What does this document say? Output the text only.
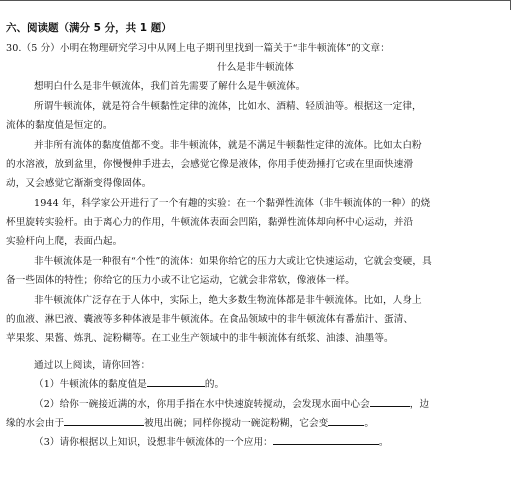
六、阅读题（满分 5 分，共 1 题）
30.（5 分）小明在物理研究学习中从网上电子期刊里找到一篇关于“非牛顿流体”的文章：
什么是非牛顿流体
想明白什么是非牛顿流体，我们首先需要了解什么是牛顿流体。
所谓牛顿流体，就是符合牛顿黏性定律的流体，比如水、酒精、轻质油等。根据这一定律，
流体的黏度值是恒定的。
并非所有流体的黏度值都不变。非牛顿流体，就是不满足牛顿黏性定律的流体。比如太白粉
的水溶液，放到盆里，你慢慢伸手进去，会感觉它像是液体，你用手使劲捶打它或在里面快速滑
动，又会感觉它渐渐变得像固体。
1944 年，科学家公开进行了一个有趣的实验：在一个黏弹性流体（非牛顿流体的一种）的烧
杯里旋转实验杆。由于离心力的作用，牛顿流体表面会凹陷，黏弹性流体却向杯中心运动，并沿
实验杆向上爬，表面凸起。
非牛顿流体是一种很有“个性”的流体：如果你给它的压力大或让它快速运动，它就会变硬，具
备一些固体的特性；你给它的压力小或不让它运动，它就会非常软，像液体一样。
非牛顿流体广泛存在于人体中，实际上，绝大多数生物流体都是非牛顿流体。比如，人身上
的血液、淋巴液、囊液等多种体液是非牛顿流体。在食品领域中的非牛顿流体有番茄汁、蛋清、
苹果浆、果酱、炼乳、淀粉糊等。在工业生产领域中的非牛顿流体有纸浆、油漆、油墨等。
通过以上阅读，请你回答：
（1）牛顿流体的黏度值是	的。
（2）给你一碗接近满的水，你用手指在水中快速旋转搅动，会发现水面中心会	，边
缘的水会由于	被甩出碗；同样你搅动一碗淀粉糊，它会变	。
（3）请你根据以上知识，设想非牛顿流体的一个应用：	。
